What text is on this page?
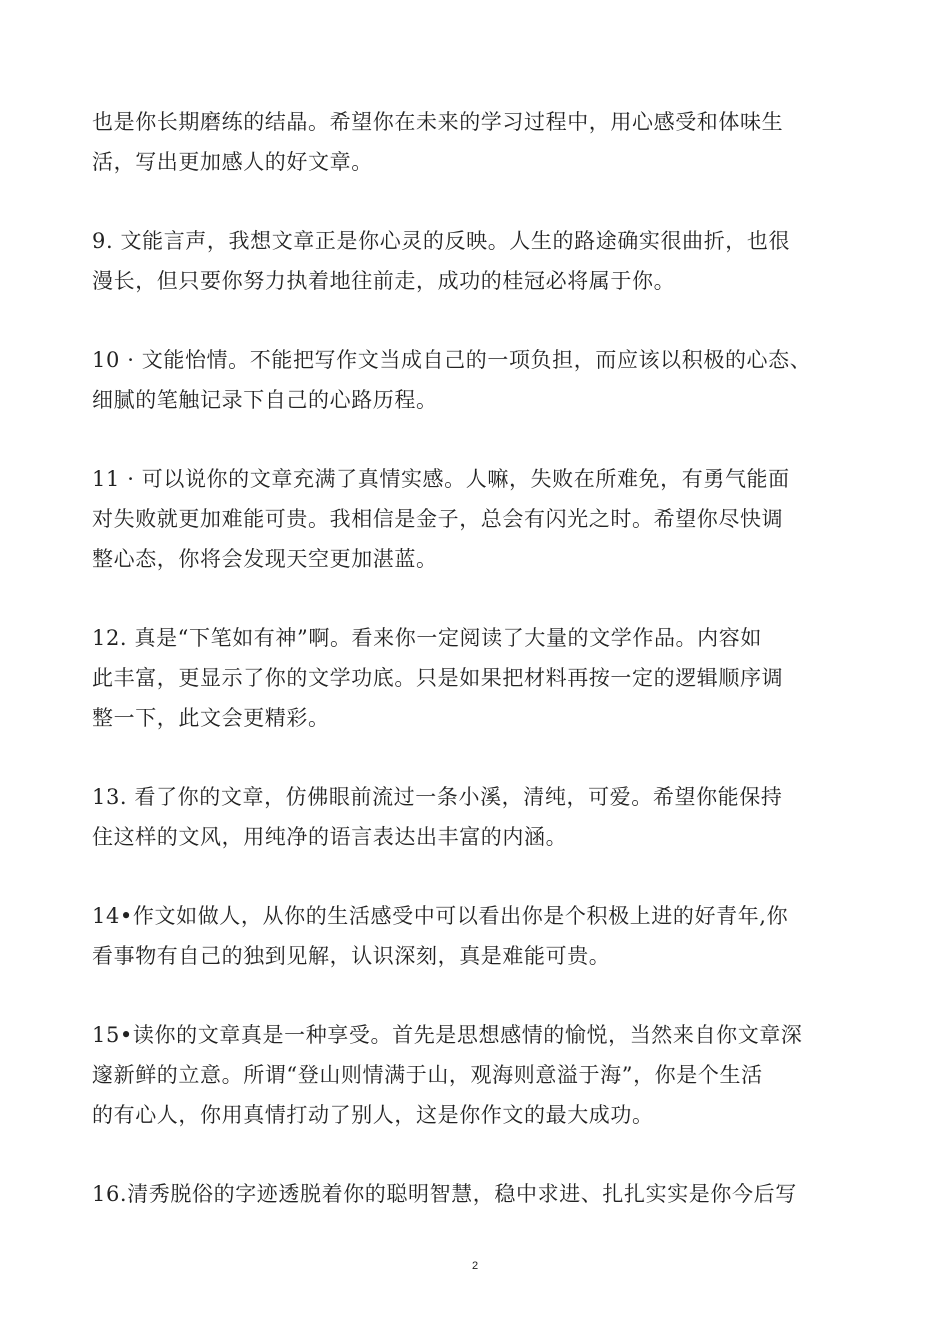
也是你长期磨练的结晶。希望你在未来的学习过程中，用心感受和体味生
活，写出更加感人的好文章。

9. 文能言声，我想文章正是你心灵的反映。人生的路途确实很曲折，也很
漫长，但只要你努力执着地往前走，成功的桂冠必将属于你。

10 · 文能怡情。不能把写作文当成自己的一项负担，而应该以积极的心态、
细腻的笔触记录下自己的心路历程。

11 · 可以说你的文章充满了真情实感。人嘛，失败在所难免，有勇气能面
对失败就更加难能可贵。我相信是金子，总会有闪光之时。希望你尽快调
整心态，你将会发现天空更加湛蓝。

12. 真是“下笔如有神”啊。看来你一定阅读了大量的文学作品。内容如
此丰富，更显示了你的文学功底。只是如果把材料再按一定的逻辑顺序调
整一下，此文会更精彩。

13. 看了你的文章，仿佛眼前流过一条小溪，清纯，可爱。希望你能保持
住这样的文风，用纯净的语言表达出丰富的内涵。

14•作文如做人，从你的生活感受中可以看出你是个积极上进的好青年,你
看事物有自己的独到见解，认识深刻，真是难能可贵。

15•读你的文章真是一种享受。首先是思想感情的愉悦，当然来自你文章深
邃新鲜的立意。所谓“登山则情满于山，观海则意溢于海”，你是个生活
的有心人，你用真情打动了别人，这是你作文的最大成功。

16.清秀脱俗的字迹透脱着你的聪明智慧，稳中求进、扎扎实实是你今后写

2
